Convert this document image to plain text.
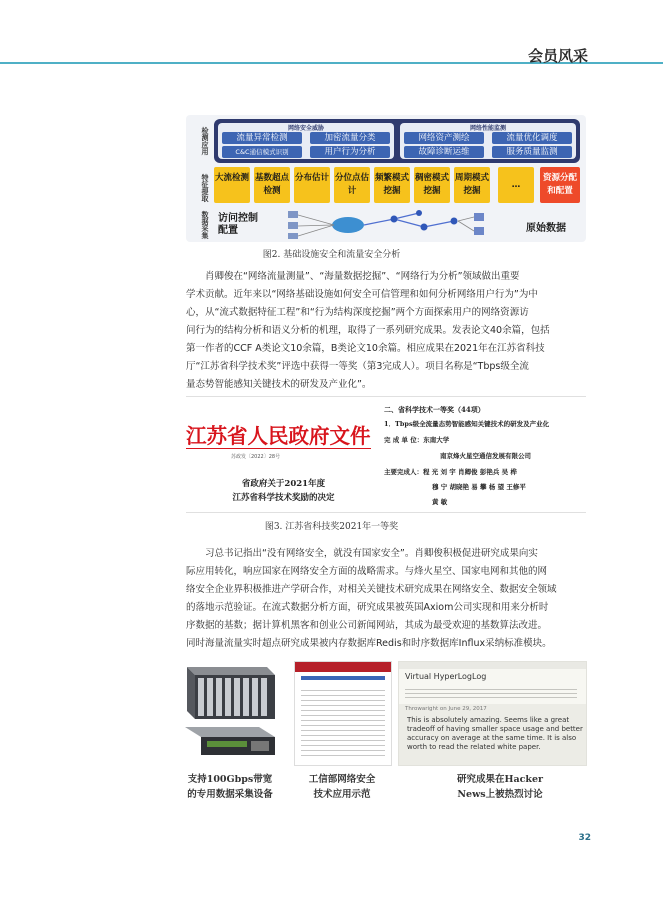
会员风采
检测应用
特征提取
数据采集
网络安全威胁
流量异常检测	加密流量分类
C&C通信模式识别	用户行为分析
网络性能监测
网络资产测绘	流量优化调度
故障诊断运维	服务质量监测
大流检测 基数超点检测
分布估计 分位点估计
频繁模式挖掘
稠密模式挖掘
周期模式挖掘
…
资源分配和配置
访问控制配置	原始数据
图2. 基础设施安全和流量安全分析

肖卿俊在“网络流量测量”、“海量数据挖掘”、“网络行为分析”领域做出重要
学术贡献。近年来以“网络基础设施如何安全可信管理和如何分析网络用户行为”为中
心，从“流式数据特征工程”和“行为结构深度挖掘”两个方面探索用户的网络资源访
问行为的结构分析和语义分析的机理，取得了一系列研究成果。发表论文40余篇，包括
第一作者的CCF A类论文10余篇，B类论文10余篇。相应成果在2021年在江苏省科技
厅“江苏省科学技术奖”评选中获得一等奖（第3完成人）。项目名称是“Tbps级全流
量态势智能感知关键技术的研发及产业化”。

江苏省人民政府文件
苏政发〔2022〕28号
省政府关于2021年度
江苏省科学技术奖励的决定
二、省科学技术一等奖（44项）
1．Tbps级全流量态势智能感知关键技术的研发及产业化
完 成 单 位：东南大学
南京烽火星空通信发展有限公司
主要完成人：程 光 刘 宇 肖卿俊 彭艳兵 吴 桦
穆 宁 胡晓艳 易 攀 杨 望 王修平
黄 敏
图3. 江苏省科技奖2021年一等奖

习总书记指出“没有网络安全，就没有国家安全”。肖卿俊积极促进研究成果向实
际应用转化，响应国家在网络安全方面的战略需求。与烽火星空、国家电网和其他的网
络安全企业界积极推进产学研合作，对相关关键技术研究成果在网络安全、数据安全领域
的落地示范验证。在流式数据分析方面，研究成果被英国Axiom公司实现和用来分析时
序数据的基数；据计算机黑客和创业公司新闻网站，其成为最受欢迎的基数算法改进。
同时海量流量实时超点研究成果被内存数据库Redis和时序数据库Influx采纳标准模块。

Virtual HyperLogLog
Throwaright on June 29, 2017
This is absolutely amazing. Seems like a great
tradeoff of having smaller space usage and better
accuracy on average at the same time. It is also
worth to read the related white paper.
支持100Gbps带宽
的专用数据采集设备
工信部网络安全
技术应用示范
研究成果在Hacker
News上被热烈讨论
32
